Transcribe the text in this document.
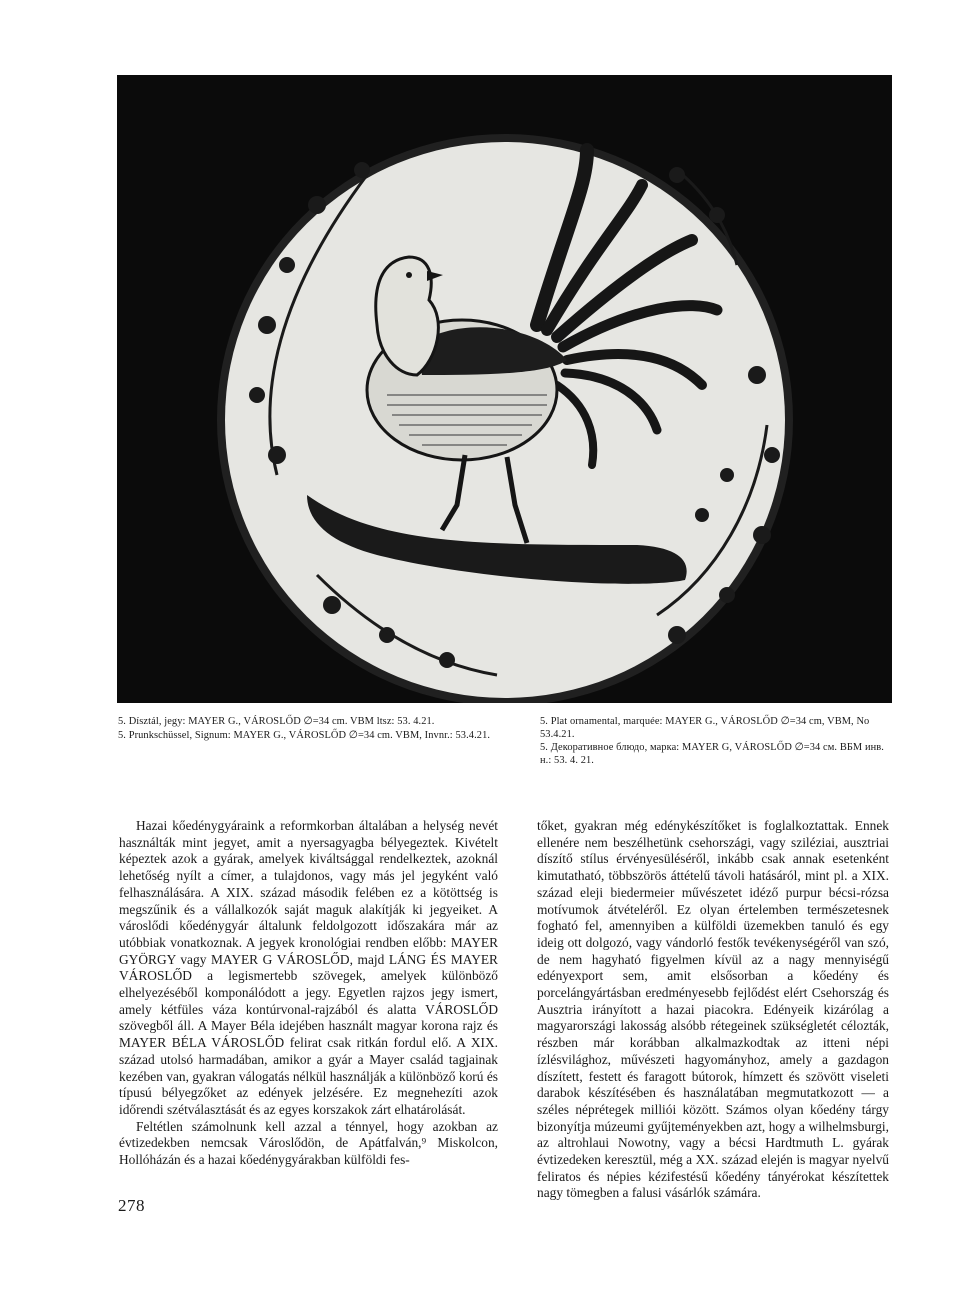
5. Dísztál, jegy: MAYER G., VÁROSLŐD ∅=34 cm. VBM ltsz: 53. 4.21.

5. Prunkschüssel, Signum: MAYER G., VÁROSLŐD ∅=34 cm. VBM, Invnr.: 53.4.21.

5. Plat ornamental, marquée: MAYER G., VÁROSLŐD ∅=34 cm, VBM, No 53.4.21.

5. Декоративное блюдо, марка: MAYER G, VÁROSLŐD ∅=34 см. ВБМ инв. н.: 53. 4. 21.

Hazai kőedénygyáraink a reformkorban általában a helység nevét használták mint jegyet, amit a nyersagyagba bélyegeztek. Kivételt képeztek azok a gyárak, amelyek kiváltsággal rendelkeztek, azoknál lehetőség nyílt a címer, a tulajdonos, vagy más jel jegyként való felhasználására. A XIX. század második felében ez a kötöttség is megszűnik és a vállalkozók saját maguk alakítják ki jegyeiket. A városlődi kőedénygyár általunk feldolgozott időszakára már az utóbbiak vonatkoznak. A jegyek kronológiai rendben előbb: MAYER GYÖRGY vagy MAYER G VÁROSLŐD, majd LÁNG ÉS MAYER VÁROSLŐD a legismertebb szövegek, amelyek különböző elhelyezéséből komponálódott a jegy. Egyetlen rajzos jegy ismert, amely kétfüles váza kontúrvonal-rajzából és alatta VÁROSLŐD szövegből áll. A Mayer Béla idejében használt magyar korona rajz és MAYER BÉLA VÁROSLŐD felirat csak ritkán fordul elő. A XIX. század utolsó harmadában, amikor a gyár a Mayer család tagjainak kezében van, gyakran válogatás nélkül használják a különböző korú és típusú bélyegzőket az edények jelzésére. Ez megnehezíti azok időrendi szétválasztását és az egyes korszakok zárt elhatárolását.

Feltétlen számolnunk kell azzal a ténnyel, hogy azokban az évtizedekben nemcsak Városlődön, de Apátfalván,⁹ Miskolcon, Hollóházán és a hazai kőedénygyárakban külföldi fes-

tőket, gyakran még edénykészítőket is foglalkoztattak. Ennek ellenére nem beszélhetünk csehországi, vagy sziléziai, ausztriai díszítő stílus érvényesüléséről, inkább csak annak esetenként kimutatható, többszörös áttételű távoli hatásáról, mint pl. a XIX. század eleji biedermeier művészetet idéző purpur bécsi-rózsa motívumok átvételéről. Ez olyan értelemben természetesnek fogható fel, amennyiben a külföldi üzemekben tanuló és egy ideig ott dolgozó, vagy vándorló festők tevékenységéről van szó, de nem hagyható figyelmen kívül az a nagy mennyiségű edényexport sem, amit elsősorban a kőedény és porcelángyártásban eredményesebb fejlődést elért Csehország és Ausztria irányított a hazai piacokra. Edényeik kizárólag a magyarországi lakosság alsóbb rétegeinek szükségletét célozták, részben már korábban alkalmazkodtak az itteni népi ízlésvilághoz, művészeti hagyományhoz, amely a gazdagon díszített, festett és faragott bútorok, hímzett és szövött viseleti darabok készítésében és használatában megmutatkozott — a széles néprétegek milliói között. Számos olyan kőedény tárgy bizonyítja múzeumi gyűjteményekben azt, hogy a wilhelmsburgi, az altrohlaui Nowotny, vagy a bécsi Hardtmuth L. gyárak évtizedeken keresztül, még a XX. század elején is magyar nyelvű feliratos és népies kézifestésű kőedény tányérokat készítettek nagy tömegben a falusi vásárlók számára.

278
